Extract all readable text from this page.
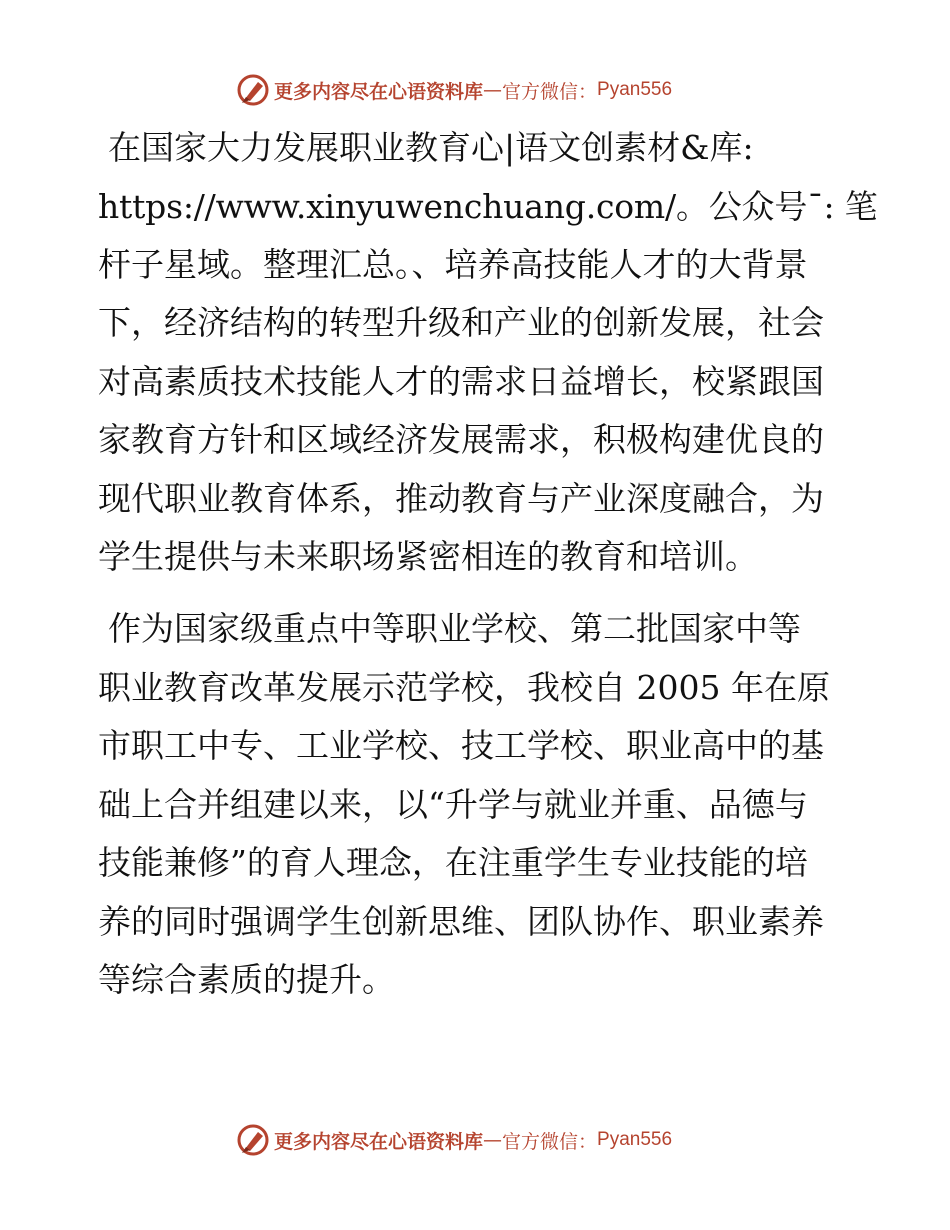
更多内容尽在心语资料库 — 官方微信 ： Pyan556
在国家大力发展职业教育心|语文创素材&库:
https://www.xinyuwenchuang.com/。公众号¯: 笔
杆子星域。整理汇总。、培养高技能人才的大背景
下，经济结构的转型升级和产业的创新发展，社会
对高素质技术技能人才的需求日益增长，校紧跟国
家教育方针和区域经济发展需求，积极构建优良的
现代职业教育体系，推动教育与产业深度融合，为
学生提供与未来职场紧密相连的教育和培训。
作为国家级重点中等职业学校、第二批国家中等
职业教育改革发展示范学校，我校自 2005 年在原
市职工中专、工业学校、技工学校、职业高中的基
础上合并组建以来，以“升学与就业并重、品德与
技能兼修”的育人理念，在注重学生专业技能的培
养的同时强调学生创新思维、团队协作、职业素养
等综合素质的提升。
更多内容尽在心语资料库 — 官方微信 ： Pyan556
